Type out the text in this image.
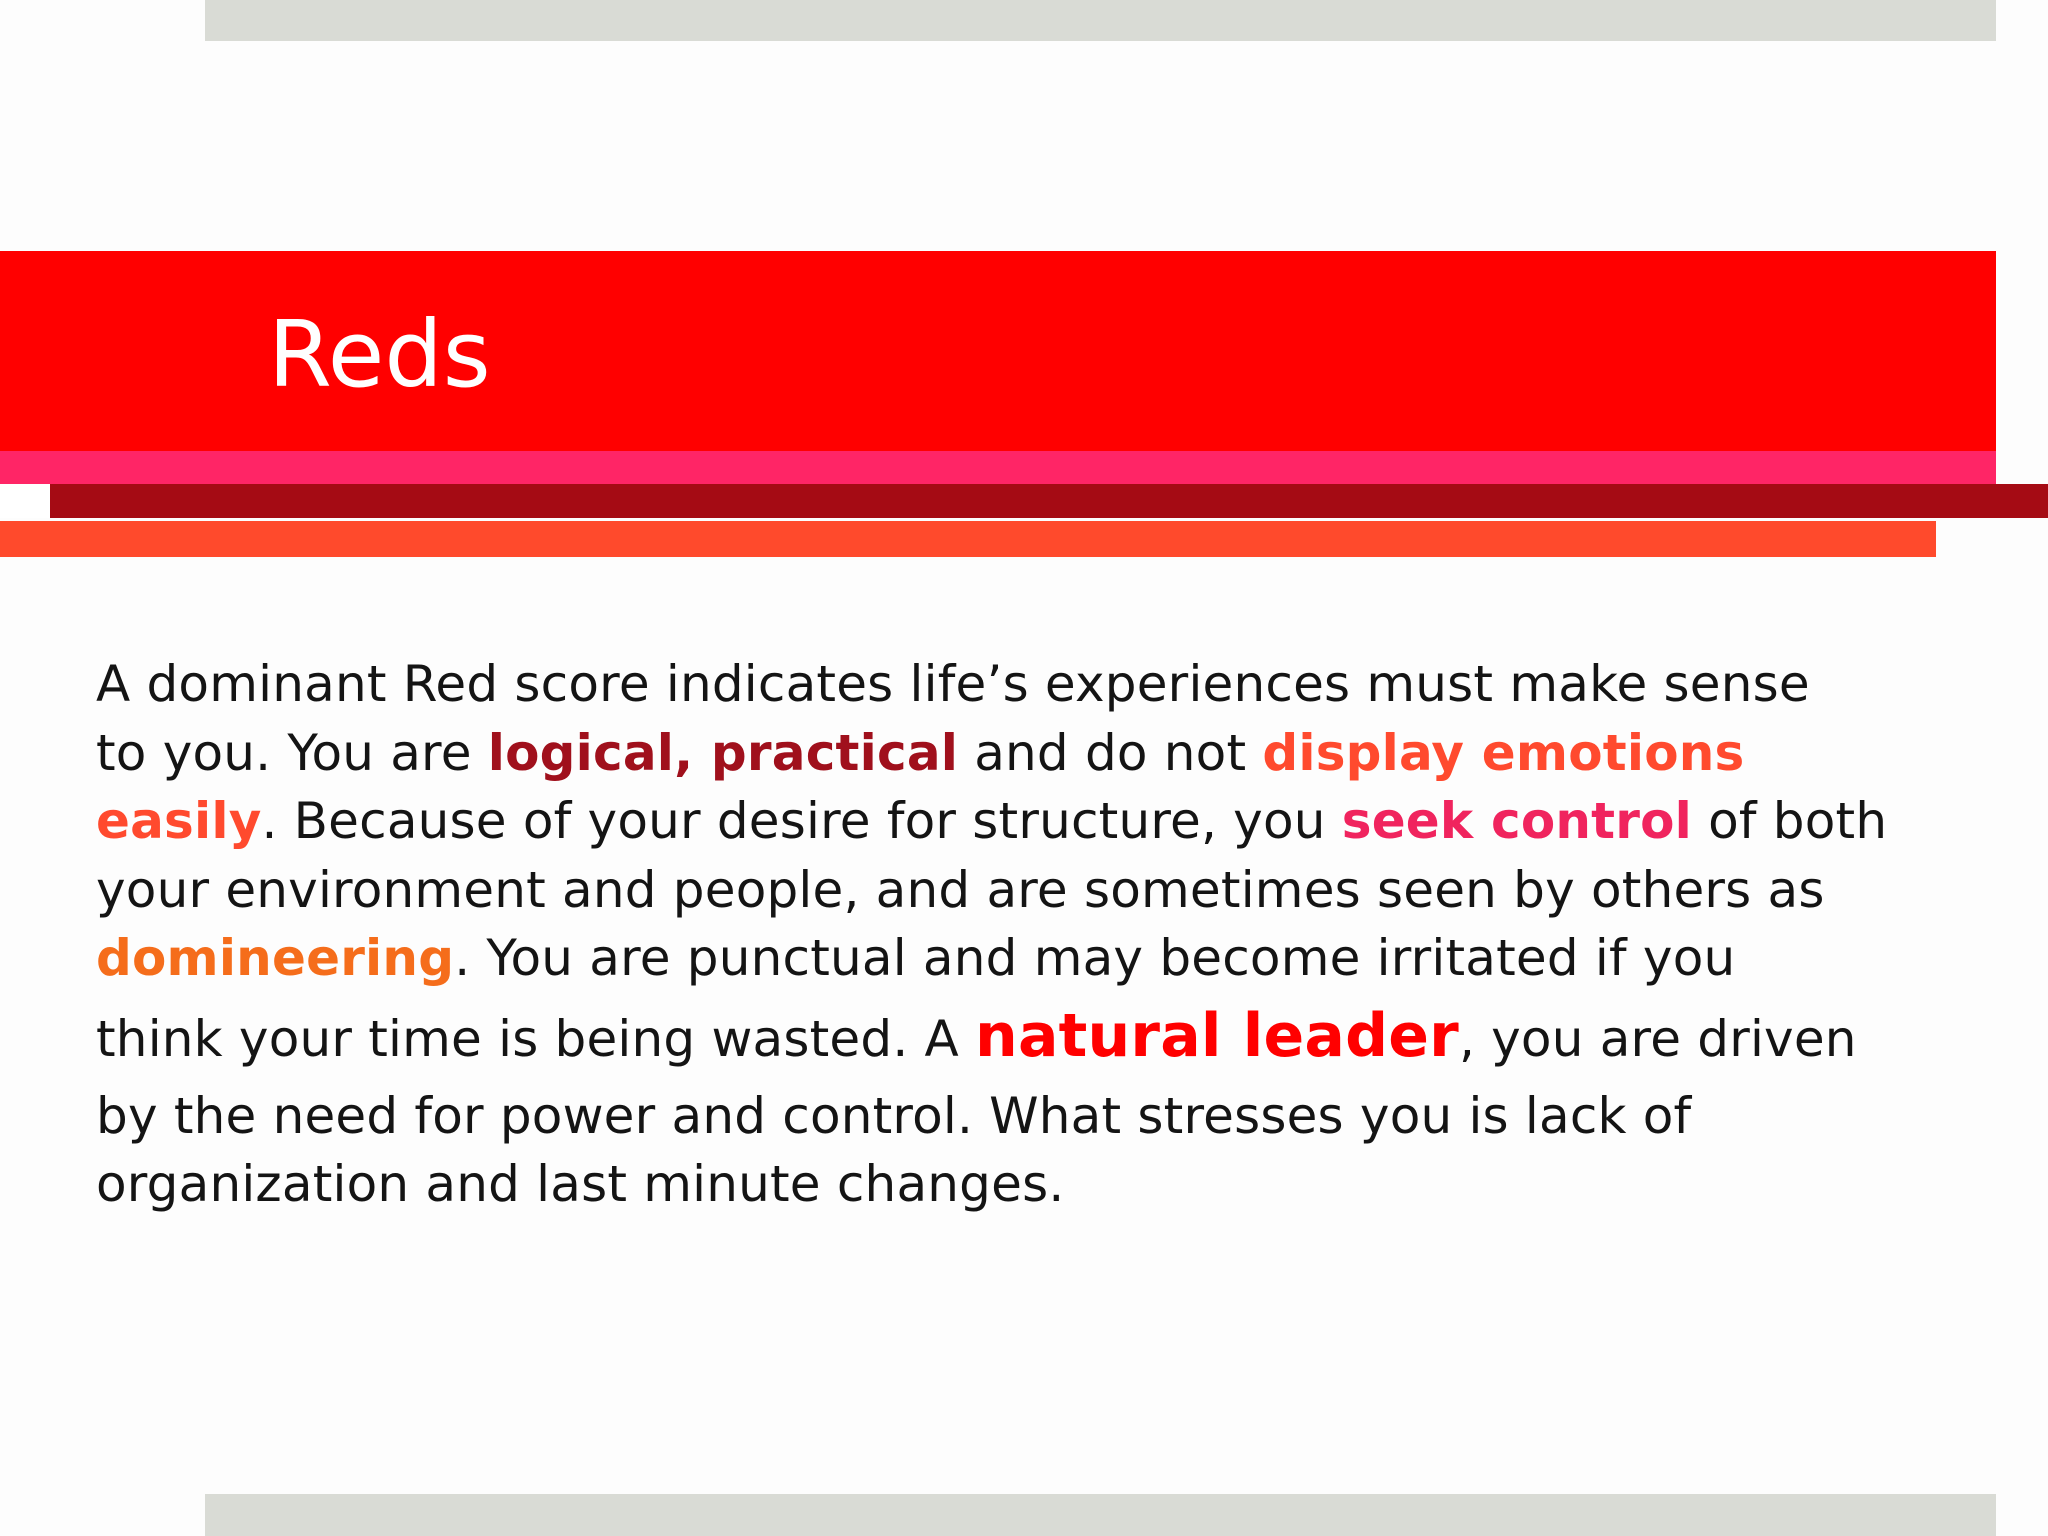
Reds
A dominant Red score indicates life’s experiences must make sense
to you. You are logical, practical and do not display emotions
easily. Because of your desire for structure, you seek control of both
your environment and people, and are sometimes seen by others as
domineering. You are punctual and may become irritated if you
think your time is being wasted. A natural leader, you are driven
by the need for power and control. What stresses you is lack of
organization and last minute changes.
